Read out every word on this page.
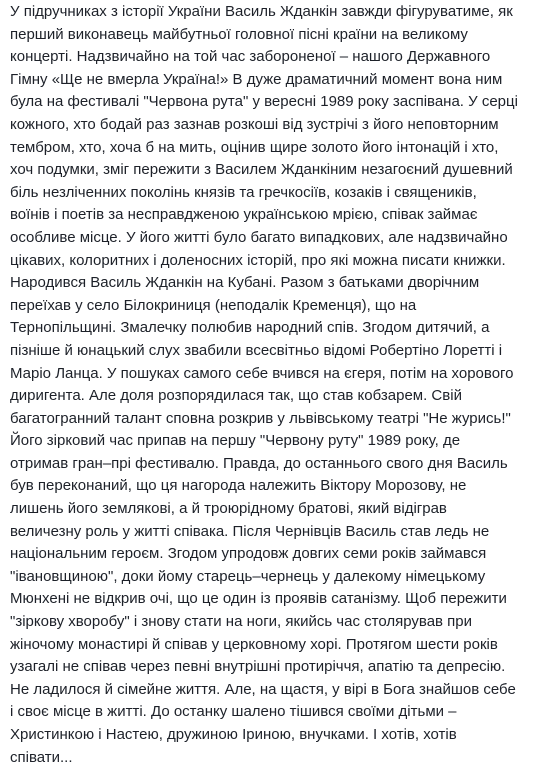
У підручниках з історії України Василь Жданкін завжди фігуруватиме, як
перший виконавець майбутньої головної пісні країни на великому
концерті. Надзвичайно на той час забороненої – нашого Державного
Гімну «Ще не вмерла Україна!» В дуже драматичний момент вона ним
була на фестивалі "Червона рута" у вересні 1989 року заспівана. У серці
кожного, хто бодай раз зазнав розкоші від зустрічі з його неповторним
тембром, хто, хоча б на мить, оцінив щире золото його інтонацій і хто,
хоч подумки, зміг пережити з Василем Жданкіним незагоєний душевний
біль незліченних поколінь князів та гречкосіїв, козаків і священиків,
воїнів і поетів за несправдженою українською мрією, співак займає
особливе місце. У його житті було багато випадкових, але надзвичайно
цікавих, колоритних і доленосних історій, про які можна писати книжки.
Народився Василь Жданкін на Кубані. Разом з батьками дворічним
переїхав у село Білокриниця (неподалік Кременця), що на
Тернопільщині. Змалечку полюбив народний спів. Згодом дитячий, а
пізніше й юнацький слух звабили всесвітньо відомі Робертіно Лоретті і
Маріо Ланца. У пошуках самого себе вчився на єгеря, потім на хорового
диригента. Але доля розпорядилася так, що став кобзарем. Свій
багатогранний талант сповна розкрив у львівському театрі "Не журись!"
Його зірковий час припав на першу "Червону руту" 1989 року, де
отримав гран–прі фестивалю. Правда, до останнього свого дня Василь
був переконаний, що ця нагорода належить Віктору Морозову, не
лишень його землякові, а й троюрідному братові, який відіграв
величезну роль у житті співака. Після Чернівців Василь став ледь не
національним героєм. Згодом упродовж довгих семи років займався
"івановщиною", доки йому старець–чернець у далекому німецькому
Мюнхені не відкрив очі, що це один із проявів сатанізму. Щоб пережити
"зіркову хворобу" і знову стати на ноги, якийсь час столярував при
жіночому монастирі й співав у церковному хорі. Протягом шести років
узагалі не співав через певні внутрішні протиріччя, апатію та депресію.
Не ладилося й сімейне життя. Але, на щастя, у вірі в Бога знайшов себе
і своє місце в житті. До останку шалено тішився своїми дітьми –
Христинкою і Настею, дружиною Іриною, внучками. І хотів, хотів
співати...
